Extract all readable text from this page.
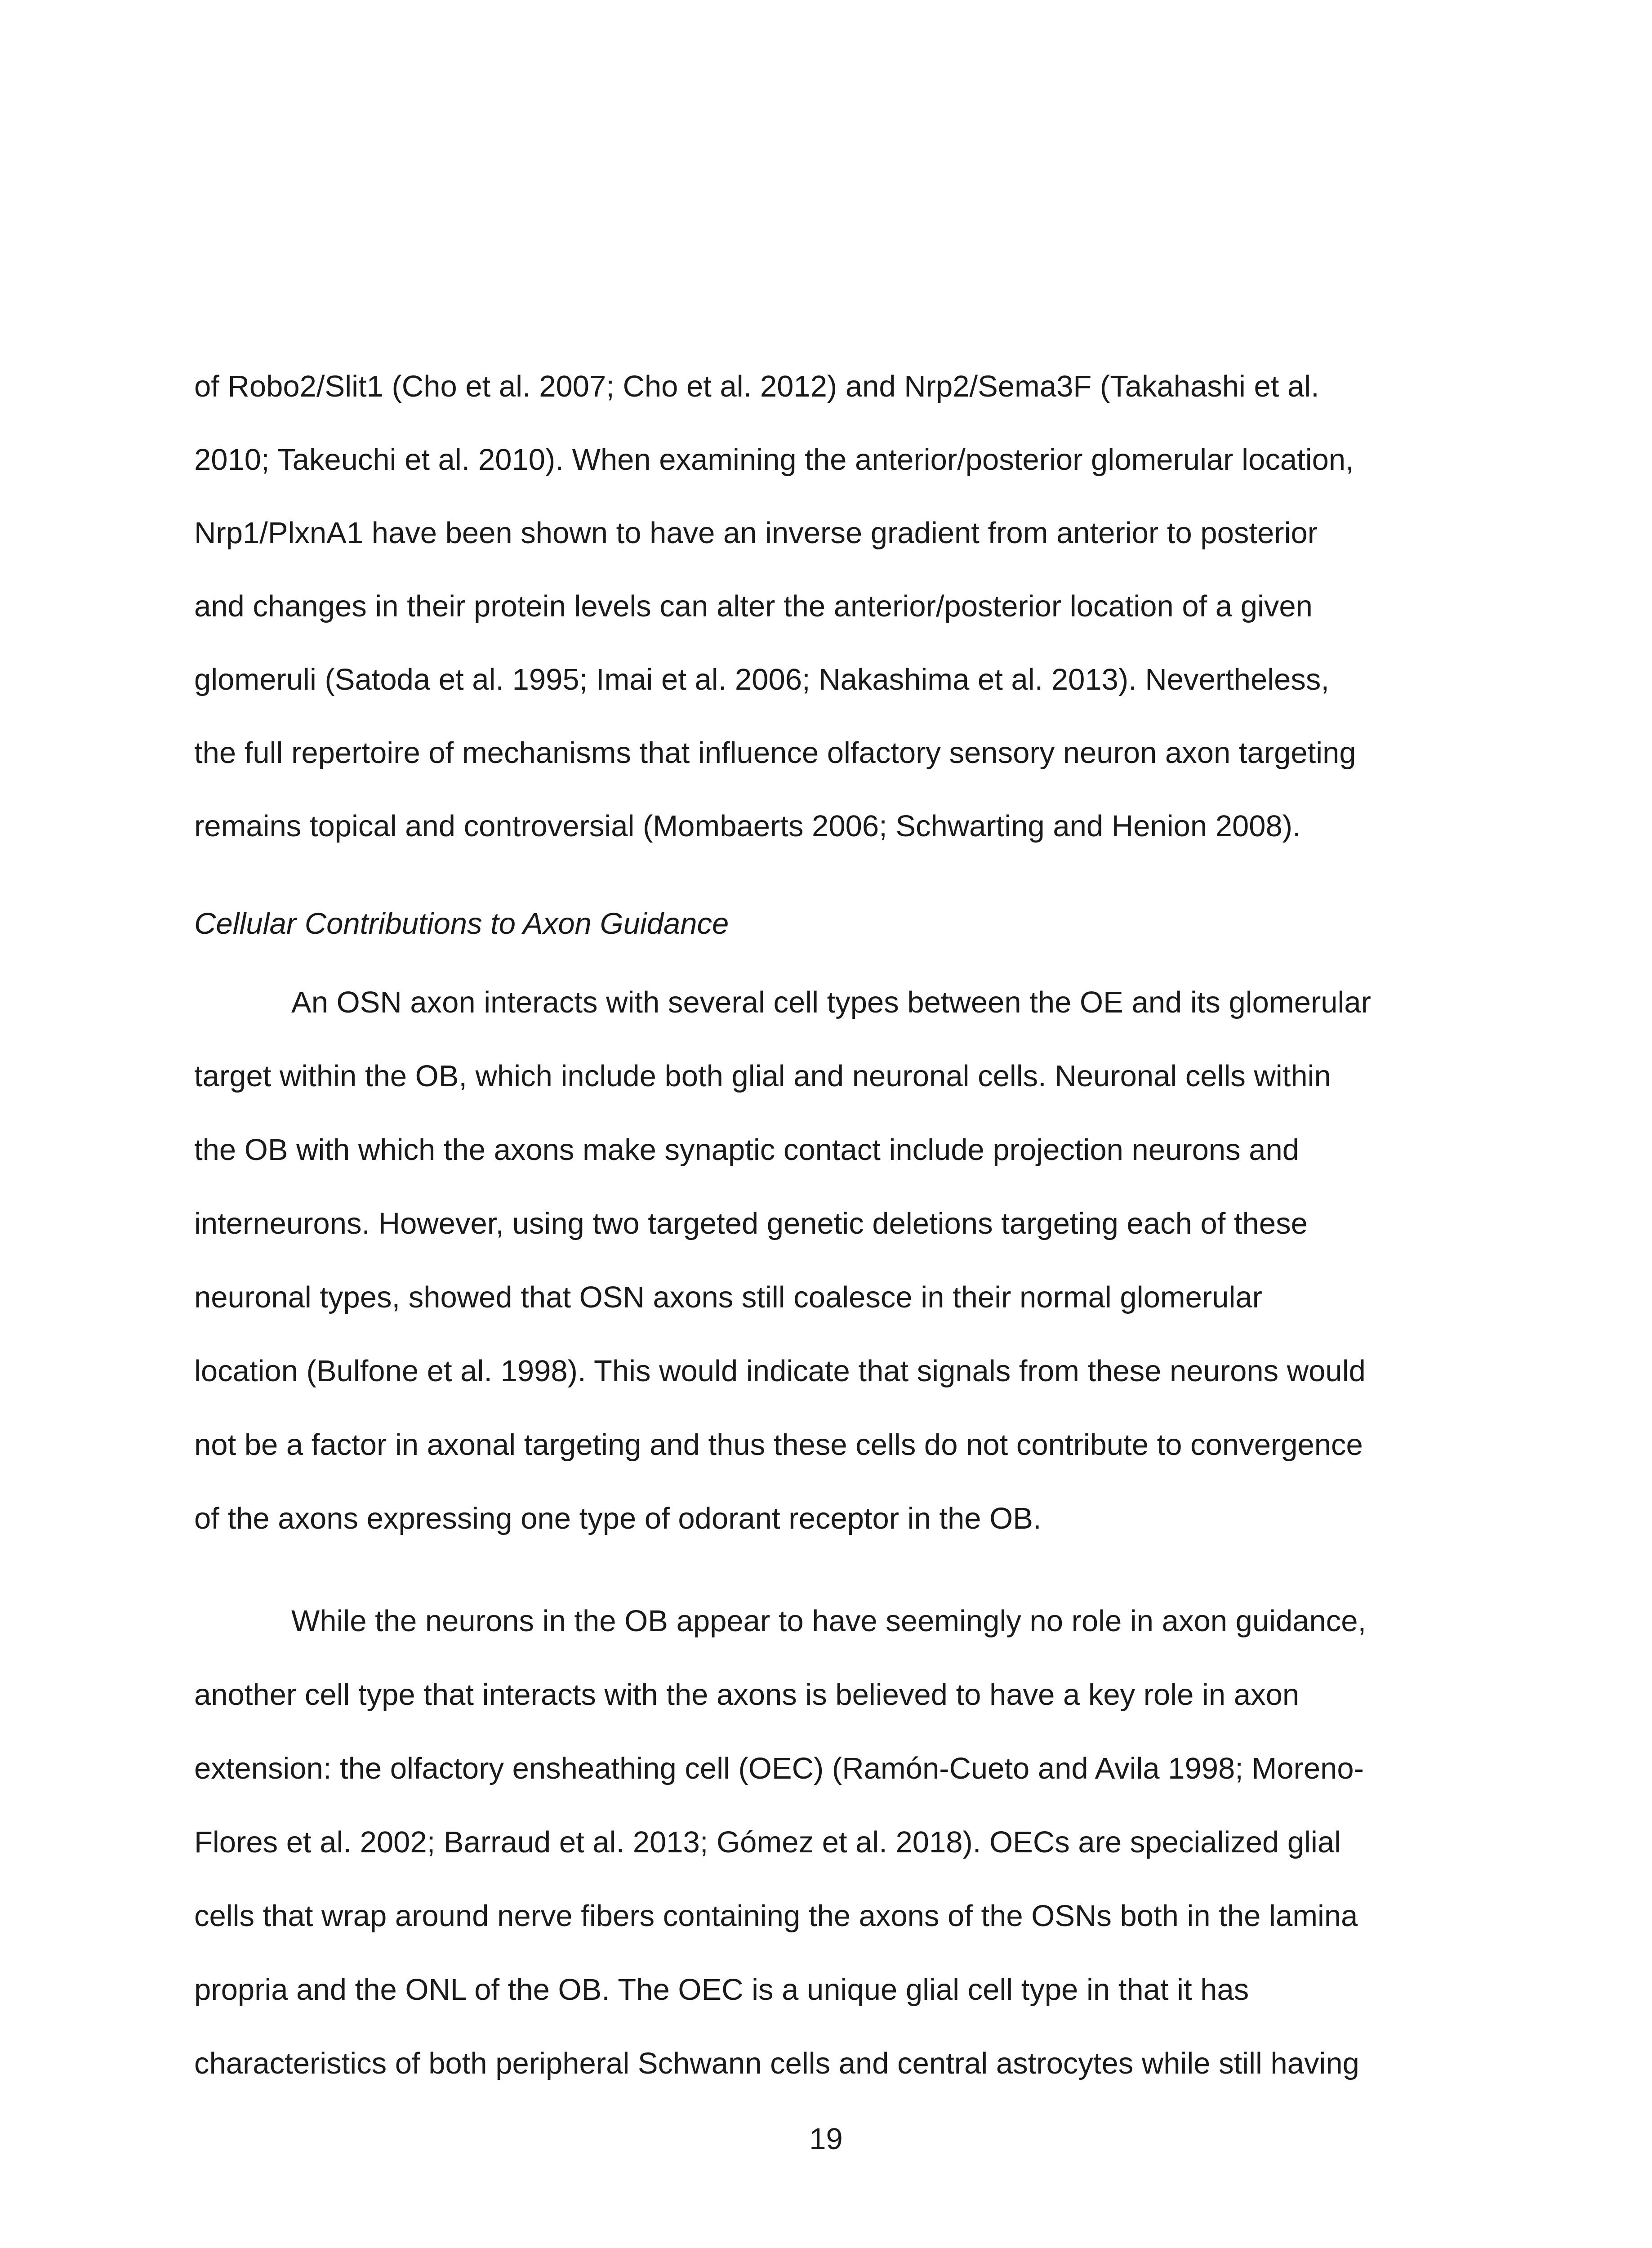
of Robo2/Slit1 (Cho et al. 2007; Cho et al. 2012) and Nrp2/Sema3F (Takahashi et al.
2010; Takeuchi et al. 2010). When examining the anterior/posterior glomerular location,
Nrp1/PlxnA1 have been shown to have an inverse gradient from anterior to posterior
and changes in their protein levels can alter the anterior/posterior location of a given
glomeruli (Satoda et al. 1995; Imai et al. 2006; Nakashima et al. 2013). Nevertheless,
the full repertoire of mechanisms that influence olfactory sensory neuron axon targeting
remains topical and controversial (Mombaerts 2006; Schwarting and Henion 2008).
Cellular Contributions to Axon Guidance
An OSN axon interacts with several cell types between the OE and its glomerular
target within the OB, which include both glial and neuronal cells. Neuronal cells within
the OB with which the axons make synaptic contact include projection neurons and
interneurons. However, using two targeted genetic deletions targeting each of these
neuronal types, showed that OSN axons still coalesce in their normal glomerular
location (Bulfone et al. 1998). This would indicate that signals from these neurons would
not be a factor in axonal targeting and thus these cells do not contribute to convergence
of the axons expressing one type of odorant receptor in the OB.
While the neurons in the OB appear to have seemingly no role in axon guidance,
another cell type that interacts with the axons is believed to have a key role in axon
extension: the olfactory ensheathing cell (OEC) (Ramón-Cueto and Avila 1998; Moreno-
Flores et al. 2002; Barraud et al. 2013; Gómez et al. 2018). OECs are specialized glial
cells that wrap around nerve fibers containing the axons of the OSNs both in the lamina
propria and the ONL of the OB. The OEC is a unique glial cell type in that it has
characteristics of both peripheral Schwann cells and central astrocytes while still having
19
